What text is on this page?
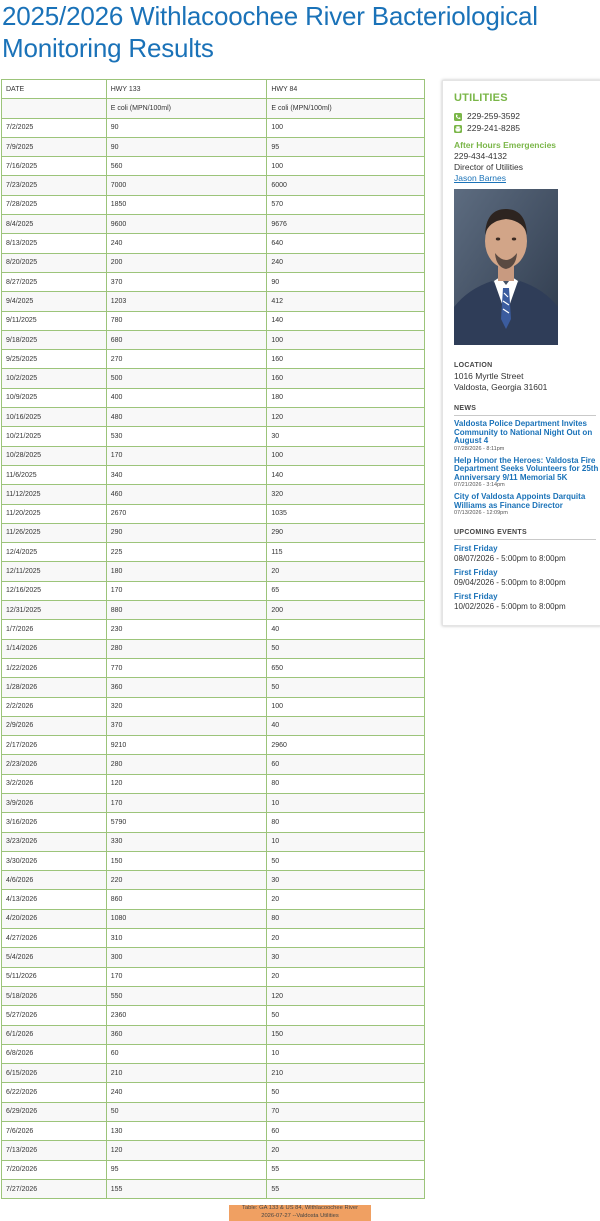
2025/2026 Withlacoochee River Bacteriological Monitoring Results
DATE	HWY 133	HWY 84
	E coli (MPN/100ml)	E coli (MPN/100ml)
7/2/2025	90	100
7/9/2025	90	95
7/16/2025	560	100
7/23/2025	7000	6000
7/28/2025	1850	570
8/4/2025	9600	9676
8/13/2025	240	640
8/20/2025	200	240
8/27/2025	370	90
9/4/2025	1203	412
9/11/2025	780	140
9/18/2025	680	100
9/25/2025	270	160
10/2/2025	500	160
10/9/2025	400	180
10/16/2025	480	120
10/21/2025	530	30
10/28/2025	170	100
11/6/2025	340	140
11/12/2025	460	320
11/20/2025	2670	1035
11/26/2025	290	290
12/4/2025	225	115
12/11/2025	180	20
12/16/2025	170	65
12/31/2025	880	200
1/7/2026	230	40
1/14/2026	280	50
1/22/2026	770	650
1/28/2026	360	50
2/2/2026	320	100
2/9/2026	370	40
2/17/2026	9210	2960
2/23/2026	280	60
3/2/2026	120	80
3/9/2026	170	10
3/16/2026	5790	80
3/23/2026	330	10
3/30/2026	150	50
4/6/2026	220	30
4/13/2026	860	20
4/20/2026	1080	80
4/27/2026	310	20
5/4/2026	300	30
5/11/2026	170	20
5/18/2026	550	120
5/27/2026	2360	50
6/1/2026	360	150
6/8/2026	60	10
6/15/2026	210	210
6/22/2026	240	50
6/29/2026	50	70
7/6/2026	130	60
7/13/2026	120	20
7/20/2026	95	55
7/27/2026	155	55
UTILITIES
229-259-3592
229-241-8285
After Hours Emergencies
229-434-4132
Director of Utilities
Jason Barnes
LOCATION
1016 Myrtle Street
Valdosta, Georgia 31601
NEWS
Valdosta Police Department Invites Community to National Night Out on August 4
07/28/2026 - 8:11pm
Help Honor the Heroes: Valdosta Fire Department Seeks Volunteers for 25th Anniversary 9/11 Memorial 5K
07/21/2026 - 3:14pm
City of Valdosta Appoints Darquita Williams as Finance Director
07/13/2026 - 12:09pm
UPCOMING EVENTS
First Friday
08/07/2026 - 5:00pm to 8:00pm
First Friday
09/04/2026 - 5:00pm to 8:00pm
First Friday
10/02/2026 - 5:00pm to 8:00pm
Table: GA 133 & US 84, Withlacoochee River
2026-07-27 --Valdosta Utilities
